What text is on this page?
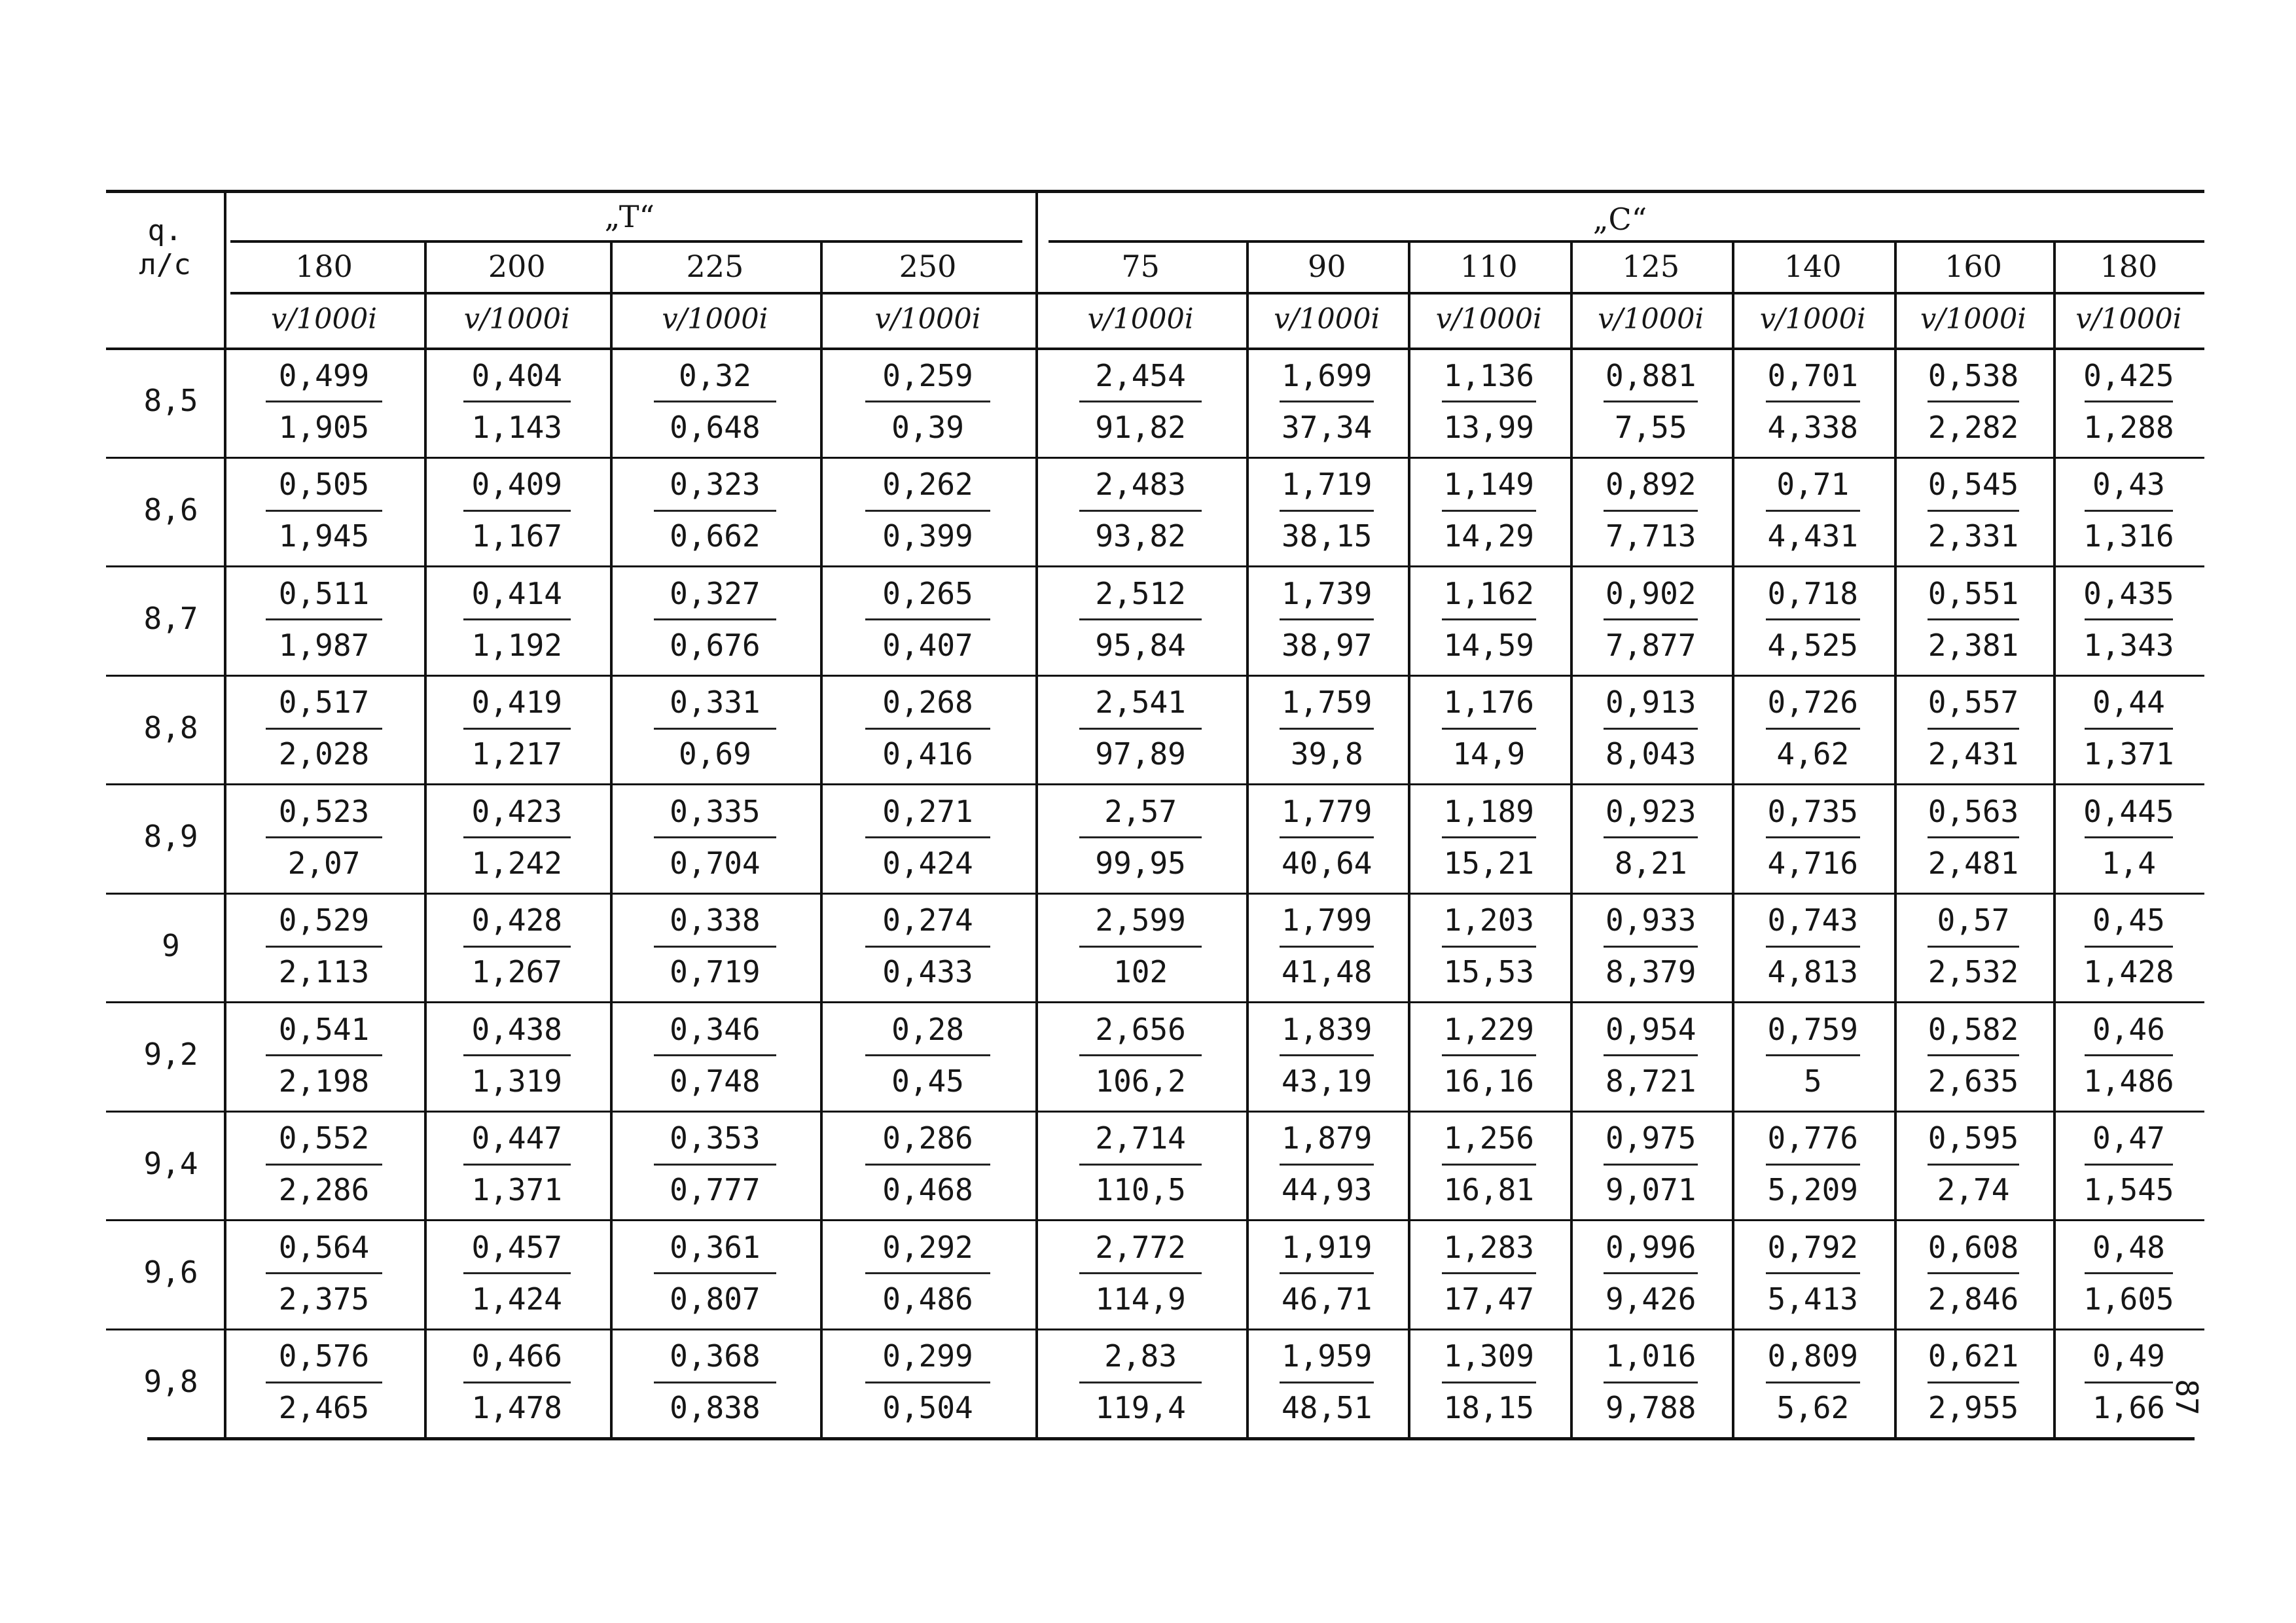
q.
л/с
„T“	„C“
180
v/1000i
200
v/1000i
225
v/1000i
250
v/1000i
75
v/1000i
90
v/1000i
110
v/1000i
125
v/1000i
140
v/1000i
160
v/1000i
180
v/1000i
8,5
0,499
1,905
0,404
1,143
0,32
0,648
0,259
0,39
2,454
91,82
1,699
37,34
1,136
13,99
0,881
7,55
0,701
4,338
0,538
2,282
0,425
1,288
8,6
0,505
1,945
0,409
1,167
0,323
0,662
0,262
0,399
2,483
93,82
1,719
38,15
1,149
14,29
0,892
7,713
0,71
4,431
0,545
2,331
0,43
1,316
8,7
0,511
1,987
0,414
1,192
0,327
0,676
0,265
0,407
2,512
95,84
1,739
38,97
1,162
14,59
0,902
7,877
0,718
4,525
0,551
2,381
0,435
1,343
8,8
0,517
2,028
0,419
1,217
0,331
0,69
0,268
0,416
2,541
97,89
1,759
39,8
1,176
14,9
0,913
8,043
0,726
4,62
0,557
2,431
0,44
1,371
8,9
0,523
2,07
0,423
1,242
0,335
0,704
0,271
0,424
2,57
99,95
1,779
40,64
1,189
15,21
0,923
8,21
0,735
4,716
0,563
2,481
0,445
1,4
9
0,529
2,113
0,428
1,267
0,338
0,719
0,274
0,433
2,599
102
1,799
41,48
1,203
15,53
0,933
8,379
0,743
4,813
0,57
2,532
0,45
1,428
9,2
0,541
2,198
0,438
1,319
0,346
0,748
0,28
0,45
2,656
106,2
1,839
43,19
1,229
16,16
0,954
8,721
0,759
5
0,582
2,635
0,46
1,486
9,4
0,552
2,286
0,447
1,371
0,353
0,777
0,286
0,468
2,714
110,5
1,879
44,93
1,256
16,81
0,975
9,071
0,776
5,209
0,595
2,74
0,47
1,545
9,6
0,564
2,375
0,457
1,424
0,361
0,807
0,292
0,486
2,772
114,9
1,919
46,71
1,283
17,47
0,996
9,426
0,792
5,413
0,608
2,846
0,48
1,605
9,8
0,576
2,465
0,466
1,478
0,368
0,838
0,299
0,504
2,83
119,4
1,959
48,51
1,309
18,15
1,016
9,788
0,809
5,62
0,621
2,955
0,49
1,66 87
